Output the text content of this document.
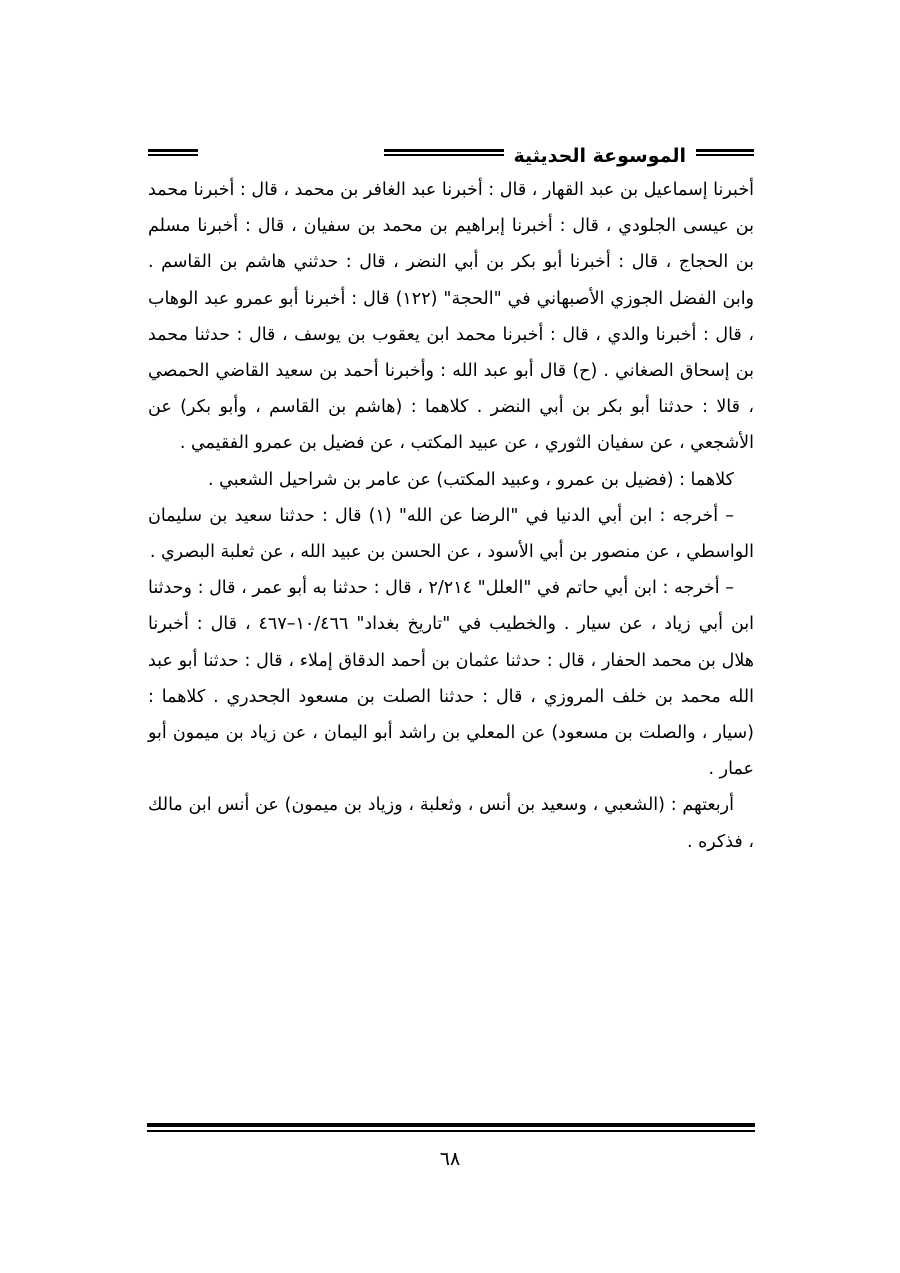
الموسوعة الحديثية

أخبرنا إسماعيل بن عبد القهار ، قال : أخبرنا عبد الغافر بن محمد ، قال : أخبرنا محمد بن عيسى الجلودي ، قال : أخبرنا إبراهيم بن محمد بن سفيان ، قال : أخبرنا مسلم بن الحجاج ، قال : أخبرنا أبو بكر بن أبي النضر ، قال : حدثني هاشم بن القاسم . وابن الفضل الجوزي الأصبهاني في "الحجة" (١٢٢) قال : أخبرنا أبو عمرو عبد الوهاب ، قال : أخبرنا والدي ، قال : أخبرنا محمد ابن يعقوب بن يوسف ، قال : حدثنا محمد بن إسحاق الصغاني . (ح) قال أبو عبد الله : وأخبرنا أحمد بن سعيد القاضي الحمصي ، قالا : حدثنا أبو بكر بن أبي النضر . كلاهما : (هاشم بن القاسم ، وأبو بكر) عن الأشجعي ، عن سفيان الثوري ، عن عبيد المكتب ، عن فضيل بن عمرو الفقيمي .

كلاهما : (فضيل بن عمرو ، وعبيد المكتب) عن عامر بن شراحيل الشعبي .

– أخرجه : ابن أبي الدنيا في "الرضا عن الله" (١) قال : حدثنا سعيد بن سليمان الواسطي ، عن منصور بن أبي الأسود ، عن الحسن بن عبيد الله ، عن ثعلبة البصري .

– أخرجه : ابن أبي حاتم في "العلل" ٢/٢١٤ ، قال : حدثنا به أبو عمر ، قال : وحدثنا ابن أبي زياد ، عن سيار . والخطيب في "تاريخ بغداد" ١٠/٤٦٦–٤٦٧ ، قال : أخبرنا هلال بن محمد الحفار ، قال : حدثنا عثمان بن أحمد الدقاق إملاء ، قال : حدثنا أبو عبد الله محمد بن خلف المروزي ، قال : حدثنا الصلت بن مسعود الجحدري . كلاهما : (سيار ، والصلت بن مسعود) عن المعلي بن راشد أبو اليمان ، عن زياد بن ميمون أبو عمار .

أربعتهم : (الشعبي ، وسعيد بن أنس ، وثعلبة ، وزياد بن ميمون) عن أنس ابن مالك ، فذكره .

٦٨
